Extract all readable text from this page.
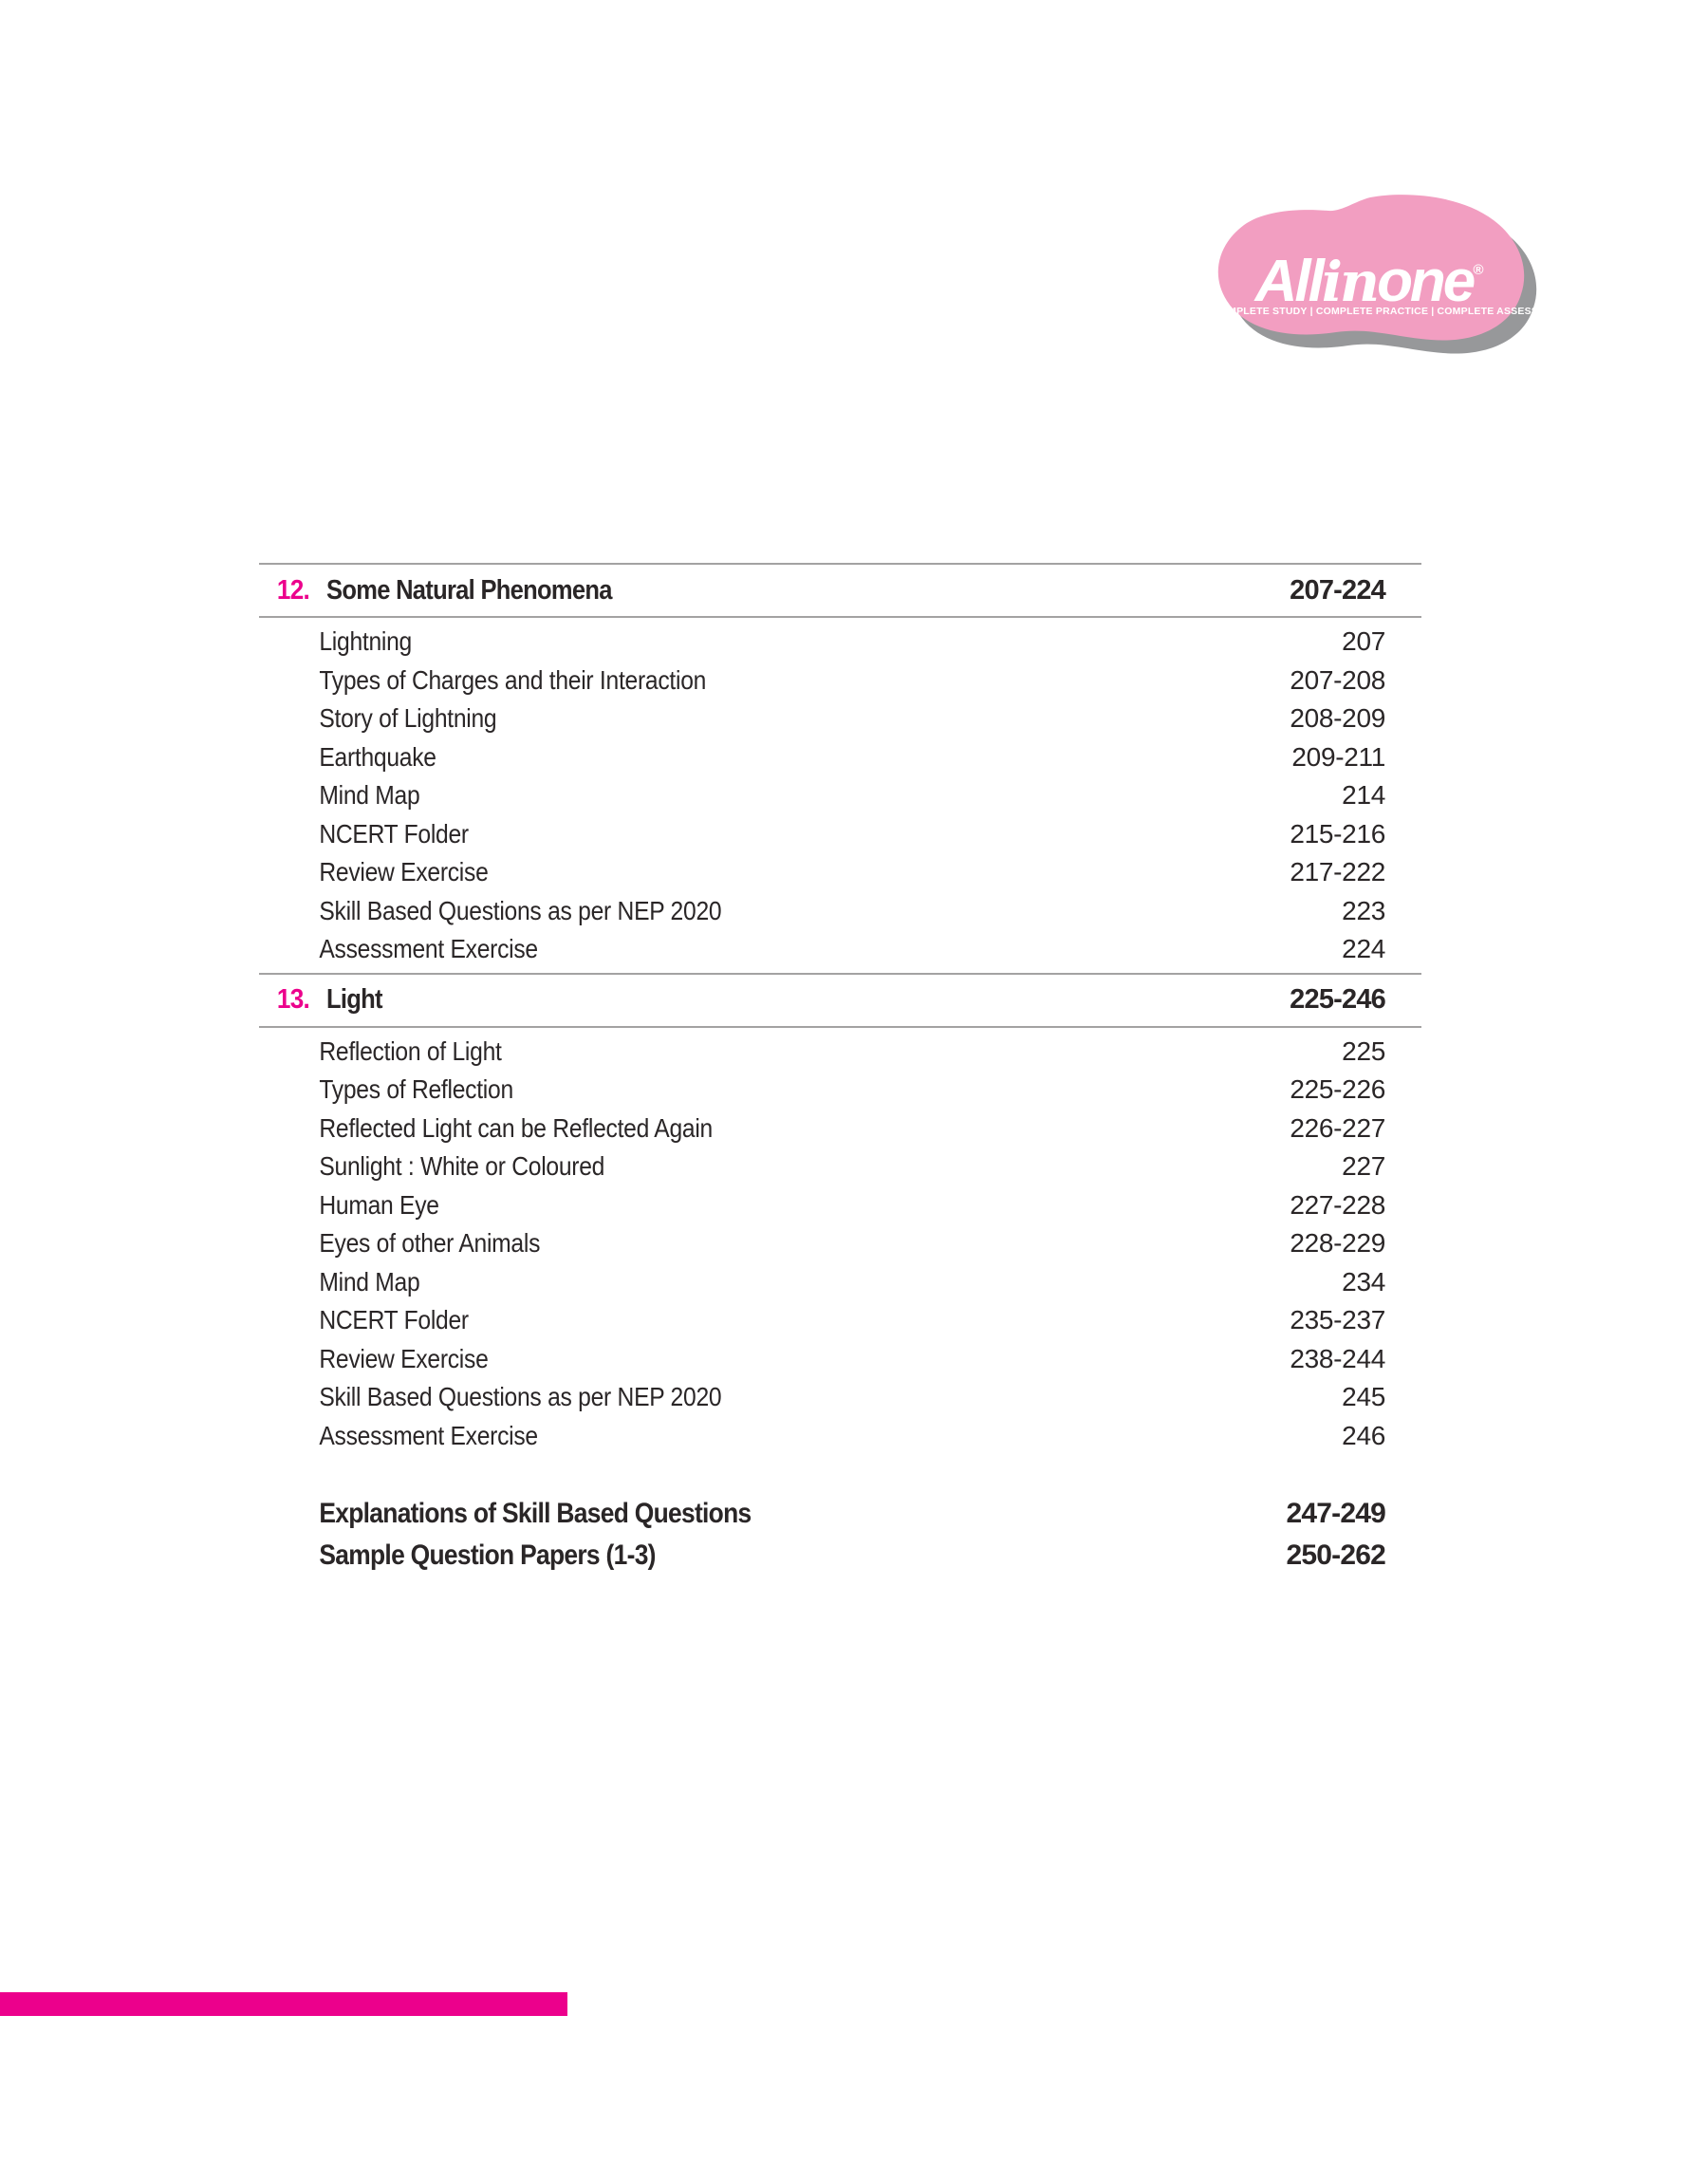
Allinone®
COMPLETE STUDY | COMPLETE PRACTICE | COMPLETE ASSESSMENT
12. Some Natural Phenomena	207-224
Lightning	207
Types of Charges and their Interaction	207-208
Story of Lightning	208-209
Earthquake	209-211
Mind Map	214
NCERT Folder	215-216
Review Exercise	217-222
Skill Based Questions as per NEP 2020	223
Assessment Exercise	224
13. Light	225-246
Reflection of Light	225
Types of Reflection	225-226
Reflected Light can be Reflected Again	226-227
Sunlight : White or Coloured	227
Human Eye	227-228
Eyes of other Animals	228-229
Mind Map	234
NCERT Folder	235-237
Review Exercise	238-244
Skill Based Questions as per NEP 2020	245
Assessment Exercise	246
Explanations of Skill Based Questions	247-249
Sample Question Papers (1-3)	250-262
